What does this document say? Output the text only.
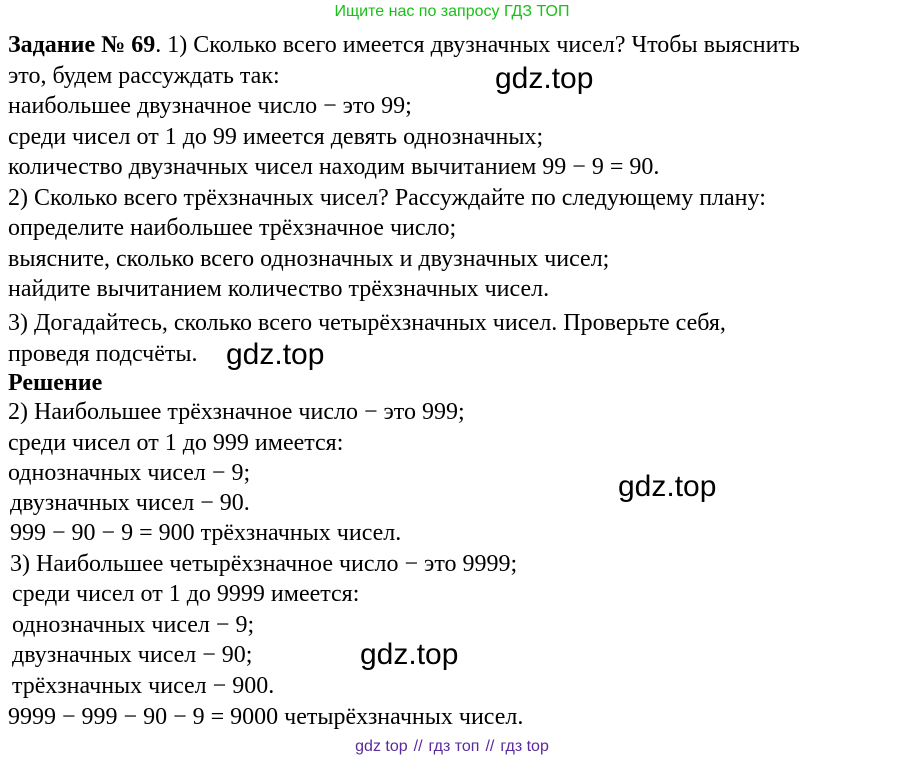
Ищите нас по запросу ГДЗ ТОП
Задание № 69. 1) Сколько всего имеется двузначных чисел? Чтобы выяснить
это, будем рассуждать так:
наибольшее двузначное число − это 99;
среди чисел от 1 до 99 имеется девять однозначных;
количество двузначных чисел находим вычитанием 99 − 9 = 90.
2) Сколько всего трёхзначных чисел? Рассуждайте по следующему плану:
определите наибольшее трёхзначное число;
выясните, сколько всего однозначных и двузначных чисел;
найдите вычитанием количество трёхзначных чисел.
3) Догадайтесь, сколько всего четырёхзначных чисел. Проверьте себя,
проведя подсчёты.
Решение
2) Наибольшее трёхзначное число − это 999;
среди чисел от 1 до 999 имеется:
однозначных чисел − 9;
двузначных чисел − 90.
999 − 90 − 9 = 900 трёхзначных чисел.
3) Наибольшее четырёхзначное число − это 9999;
среди чисел от 1 до 9999 имеется:
однозначных чисел − 9;
двузначных чисел − 90;
трёхзначных чисел − 900.
9999 − 999 − 90 − 9 = 9000 четырёхзначных чисел.
gdz.top
gdz.top
gdz.top
gdz.top
gdz top // гдз топ // гдз top
